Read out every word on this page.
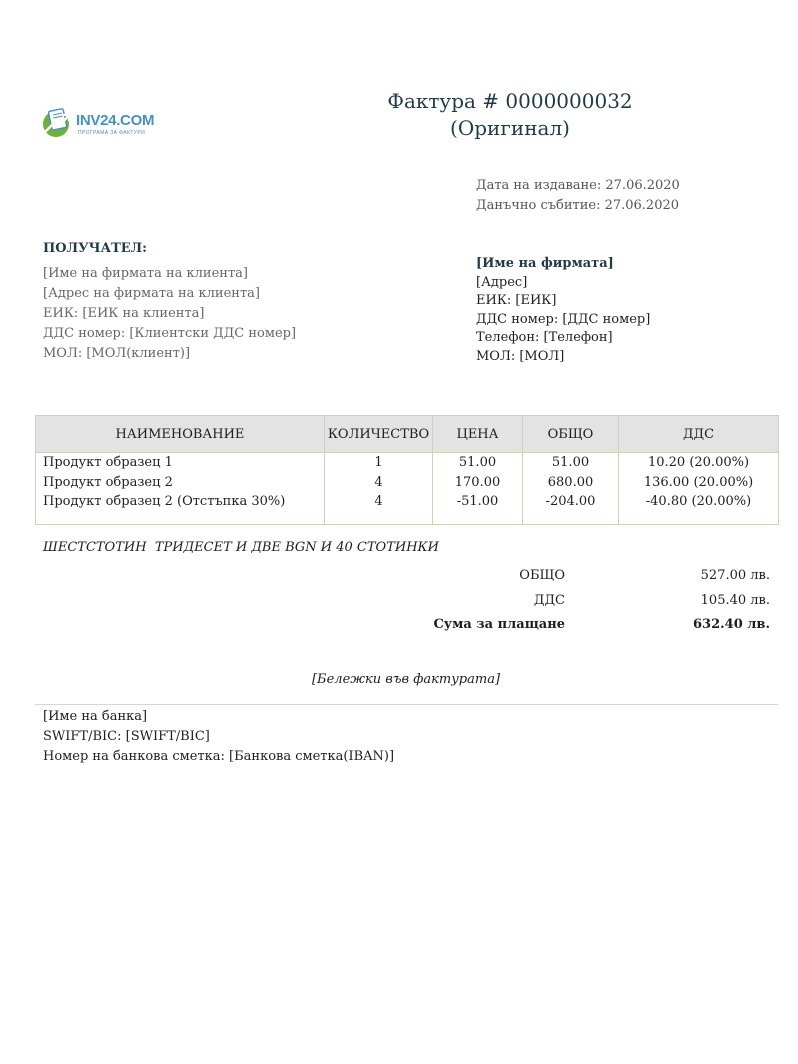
INV24.COM
ПРОГРАМА ЗА ФАКТУРИ
Фактура # 0000000032
(Оригинал)
Дата на издаване: 27.06.2020
Данъчно събитие: 27.06.2020
ПОЛУЧАТЕЛ:
[Име на фирмата на клиента]
[Адрес на фирмата на клиента]
ЕИК: [ЕИК на клиента]
ДДС номер: [Клиентски ДДС номер]
МОЛ: [МОЛ(клиент)]
[Име на фирмата]
[Адрес]
ЕИК: [ЕИК]
ДДС номер: [ДДС номер]
Телефон: [Телефон]
МОЛ: [МОЛ]
НАИМЕНОВАНИЕ	КОЛИЧЕСТВО	ЦЕНА	ОБЩО	ДДС
Продукт образец 1	1	51.00	51.00	10.20 (20.00%)
Продукт образец 2	4	170.00	680.00	136.00 (20.00%)
Продукт образец 2 (Отстъпка 30%)	4	-51.00	-204.00	-40.80 (20.00%)
ШЕСТСТОТИН  ТРИДЕСЕТ И ДВЕ BGN И 40 СТОТИНКИ
ОБЩО	527.00 лв.
ДДС	105.40 лв.
Сума за плащане	632.40 лв.
[Бележки във фактурата]
[Име на банка]
SWIFT/BIC: [SWIFT/BIC]
Номер на банкова сметка: [Банкова сметка(IBAN)]
